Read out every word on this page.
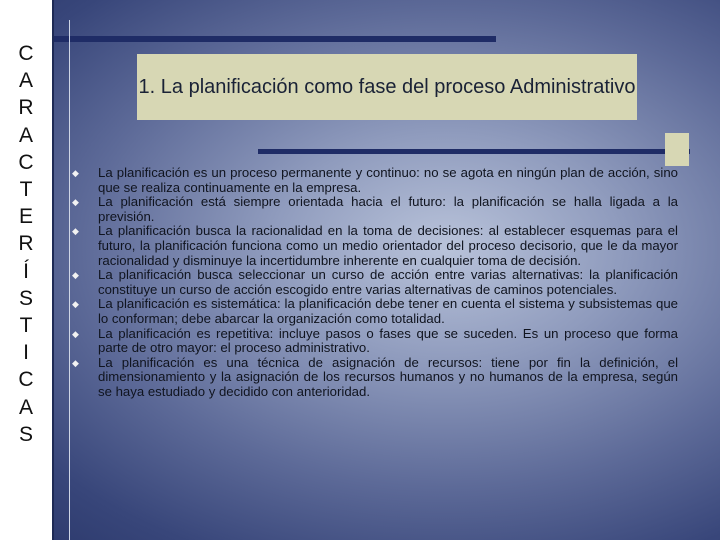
C
A
R
A
C
T
E
R
Í
S
T
I
C
A
S
1. La planificación como fase del proceso Administrativo
◆ La planificación es un proceso permanente y continuo: no se agota en ningún plan de acción, sino que se realiza continuamente en la empresa.
◆ La planificación está siempre orientada hacia el futuro: la planificación se halla ligada a la previsión.
◆ La planificación busca la racionalidad en la toma de decisiones: al establecer esquemas para el futuro, la planificación funciona como un medio orientador del proceso decisorio, que le da mayor racionalidad y disminuye la incertidumbre inherente en cualquier toma de decisión.
◆ La planificación busca seleccionar un curso de acción entre varias alternativas: la planificación constituye un curso de acción escogido entre varias alternativas de caminos potenciales.
◆ La planificación es sistemática: la planificación debe tener en cuenta el sistema y subsistemas que lo conforman; debe abarcar la organización como totalidad.
◆ La planificación es repetitiva: incluye pasos o fases que se suceden. Es un proceso que forma parte de otro mayor: el proceso administrativo.
◆ La planificación es una técnica de asignación de recursos: tiene por fin la definición, el dimensionamiento y la asignación de los recursos humanos y no humanos de la empresa, según se haya estudiado y decidido con anterioridad.
